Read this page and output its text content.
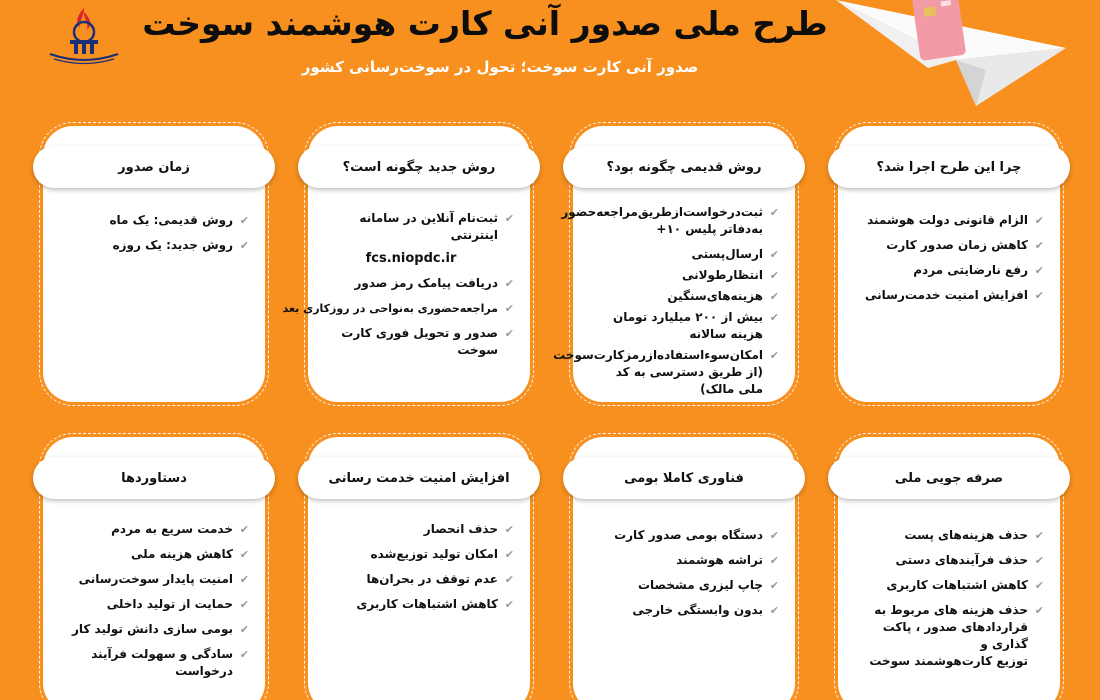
طرح ملی صدور آنی کارت هوشمند سوخت
صدور آنی کارت سوخت؛ تحول در سوخت‌رسانی کشور
چرا این طرح اجرا شد؟
✔
الزام قانونی دولت هوشمند
✔
کاهش زمان صدور کارت
✔
رفع نارضایتی مردم
✔
افزایش امنیت خدمت‌رسانی
روش قدیمی چگونه بود؟
✔
ثبت‌درخواست‌ازطریق‌مراجعه‌حضور
به‌دفاتر پلیس ۱۰+
✔
ارسال‌پستی
✔
انتظارطولانی
✔
هزینه‌های‌سنگین
✔
بیش از ۲۰۰ میلیارد تومان هزینه سالانه
✔
امکان‌سوءاستفاده‌ازرمزکارت‌سوخت
(از طریق دسترسی به کد ملی مالک)
روش جدید چگونه است؟
✔
ثبت‌نام آنلاین در سامانه اینترنتی
fcs.niopdc.ir
✔
دریافت پیامک رمز صدور
✔
مراجعه‌حضوری به‌نواحی در روزکاری بعد
✔
صدور و تحویل فوری کارت سوخت
زمان صدور
✔
روش قدیمی: یک ماه
✔
روش جدید: یک روزه
صرفه جویی ملی
✔
حذف هزینه‌های پست
✔
حذف فرآیندهای دستی
✔
کاهش اشتباهات کاربری
✔
حذف هزینه های مربوط به
قراردادهای صدور ، پاکت گذاری و
توزیع کارت‌هوشمند سوخت
فناوری کاملا بومی
✔
دستگاه بومی صدور کارت
✔
تراشه هوشمند
✔
چاپ لیزری مشخصات
✔
بدون وابستگی خارجی
افزایش امنیت خدمت رسانی
✔
حذف انحصار
✔
امکان تولید توزیع‌شده
✔
عدم توقف در بحران‌ها
✔
کاهش اشتباهات کاربری
دستاوردها
✔
خدمت سریع به مردم
✔
کاهش هزینه ملی
✔
امنیت پایدار سوخت‌رسانی
✔
حمایت از تولید داخلی
✔
بومی سازی دانش تولید کار
✔
سادگی و سهولت فرآیند درخواست
